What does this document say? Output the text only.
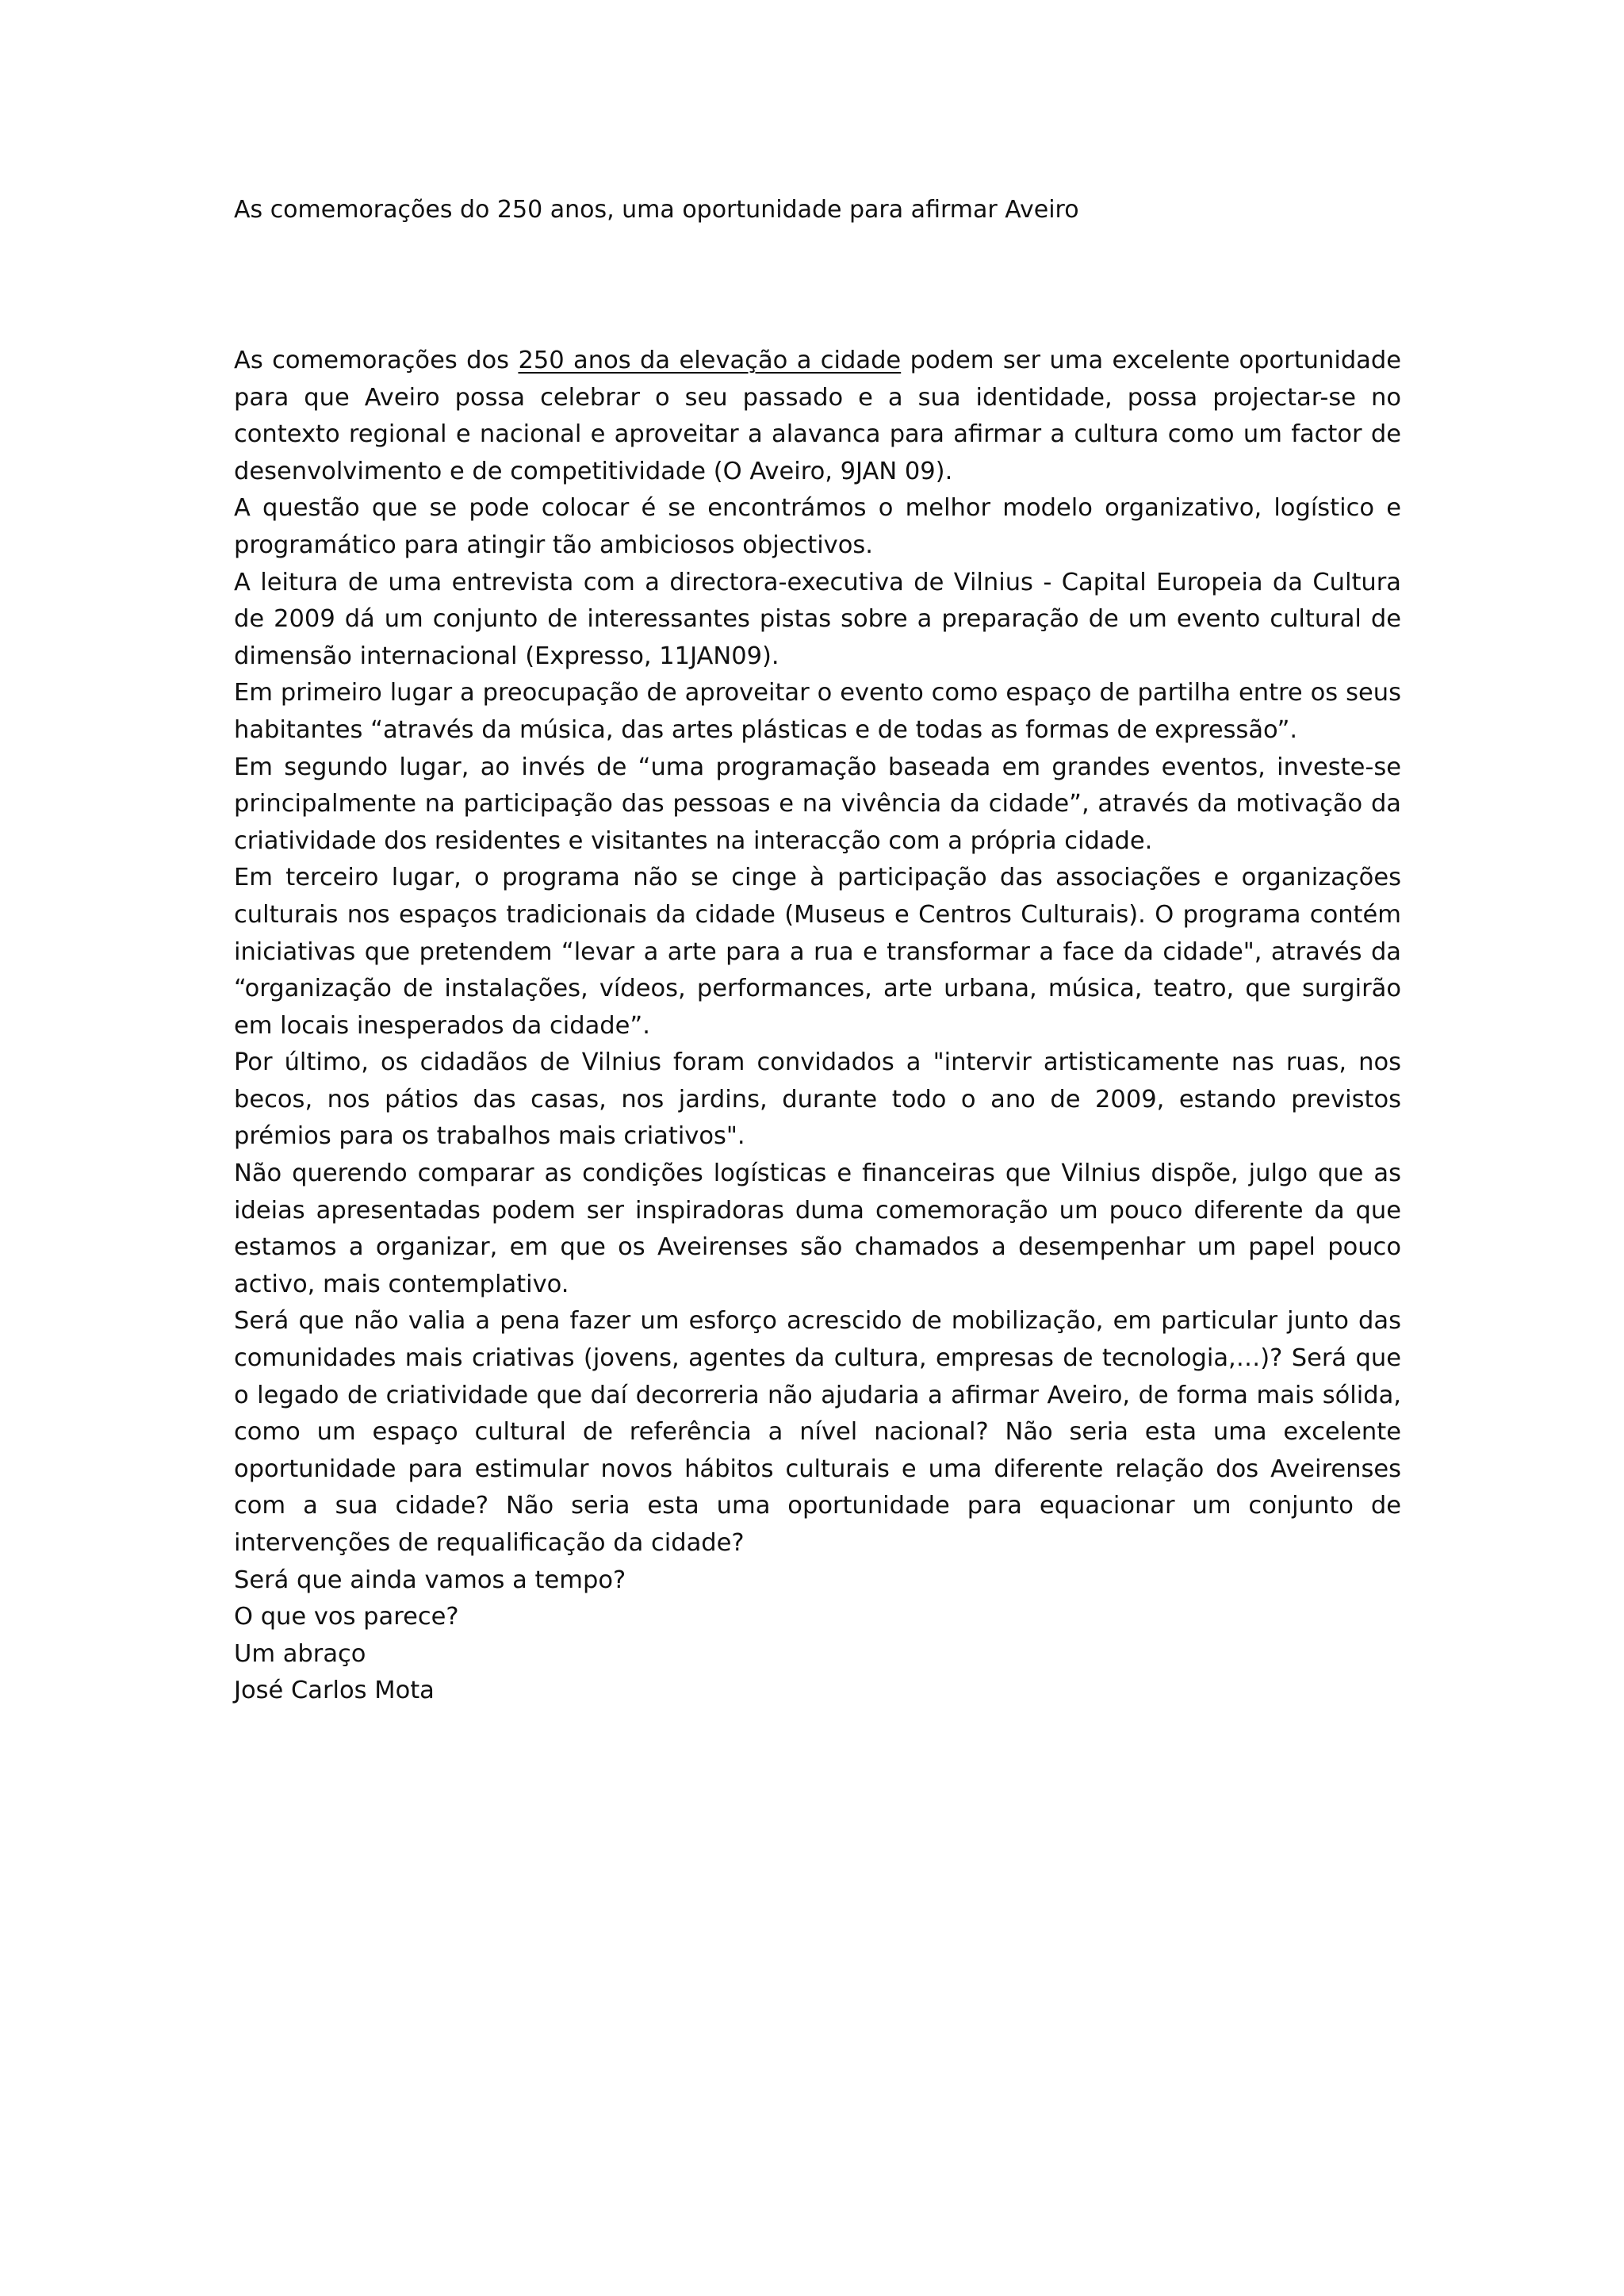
As comemorações do 250 anos, uma oportunidade para afirmar Aveiro

As comemorações dos 250 anos da elevação a cidade podem ser uma excelente oportunidade para que Aveiro possa celebrar o seu passado e a sua identidade, possa projectar-se no contexto regional e nacional e aproveitar a alavanca para afirmar a cultura como um factor de desenvolvimento e de competitividade (O Aveiro, 9JAN 09).

A questão que se pode colocar é se encontrámos o melhor modelo organizativo, logístico e programático para atingir tão ambiciosos objectivos.

A leitura de uma entrevista com a directora-executiva de Vilnius - Capital Europeia da Cultura de 2009 dá um conjunto de interessantes pistas sobre a preparação de um evento cultural de dimensão internacional (Expresso, 11JAN09).

Em primeiro lugar a preocupação de aproveitar o evento como espaço de partilha entre os seus habitantes “através da música, das artes plásticas e de todas as formas de expressão”.

Em segundo lugar, ao invés de “uma programação baseada em grandes eventos, investe-se principalmente na participação das pessoas e na vivência da cidade”, através da motivação da criatividade dos residentes e visitantes na interacção com a própria cidade.

Em terceiro lugar, o programa não se cinge à participação das associações e organizações culturais nos espaços tradicionais da cidade (Museus e Centros Culturais). O programa contém iniciativas que pretendem “levar a arte para a rua e transformar a face da cidade", através da “organização de instalações, vídeos, performances, arte urbana, música, teatro, que surgirão em locais inesperados da cidade”.

Por último, os cidadãos de Vilnius foram convidados a "intervir artisticamente nas ruas, nos becos, nos pátios das casas, nos jardins, durante todo o ano de 2009, estando previstos prémios para os trabalhos mais criativos".

Não querendo comparar as condições logísticas e financeiras que Vilnius dispõe, julgo que as ideias apresentadas podem ser inspiradoras duma comemoração um pouco diferente da que estamos a organizar, em que os Aveirenses são chamados a desempenhar um papel pouco activo, mais contemplativo.

Será que não valia a pena fazer um esforço acrescido de mobilização, em particular junto das comunidades mais criativas (jovens, agentes da cultura, empresas de tecnologia,…)? Será que o legado de criatividade que daí decorreria não ajudaria a afirmar Aveiro, de forma mais sólida, como um espaço cultural de referência a nível nacional? Não seria esta uma excelente oportunidade para estimular novos hábitos culturais e uma diferente relação dos Aveirenses com a sua cidade? Não seria esta uma oportunidade para equacionar um conjunto de intervenções de requalificação da cidade?

Será que ainda vamos a tempo?

O que vos parece?

Um abraço

José Carlos Mota
